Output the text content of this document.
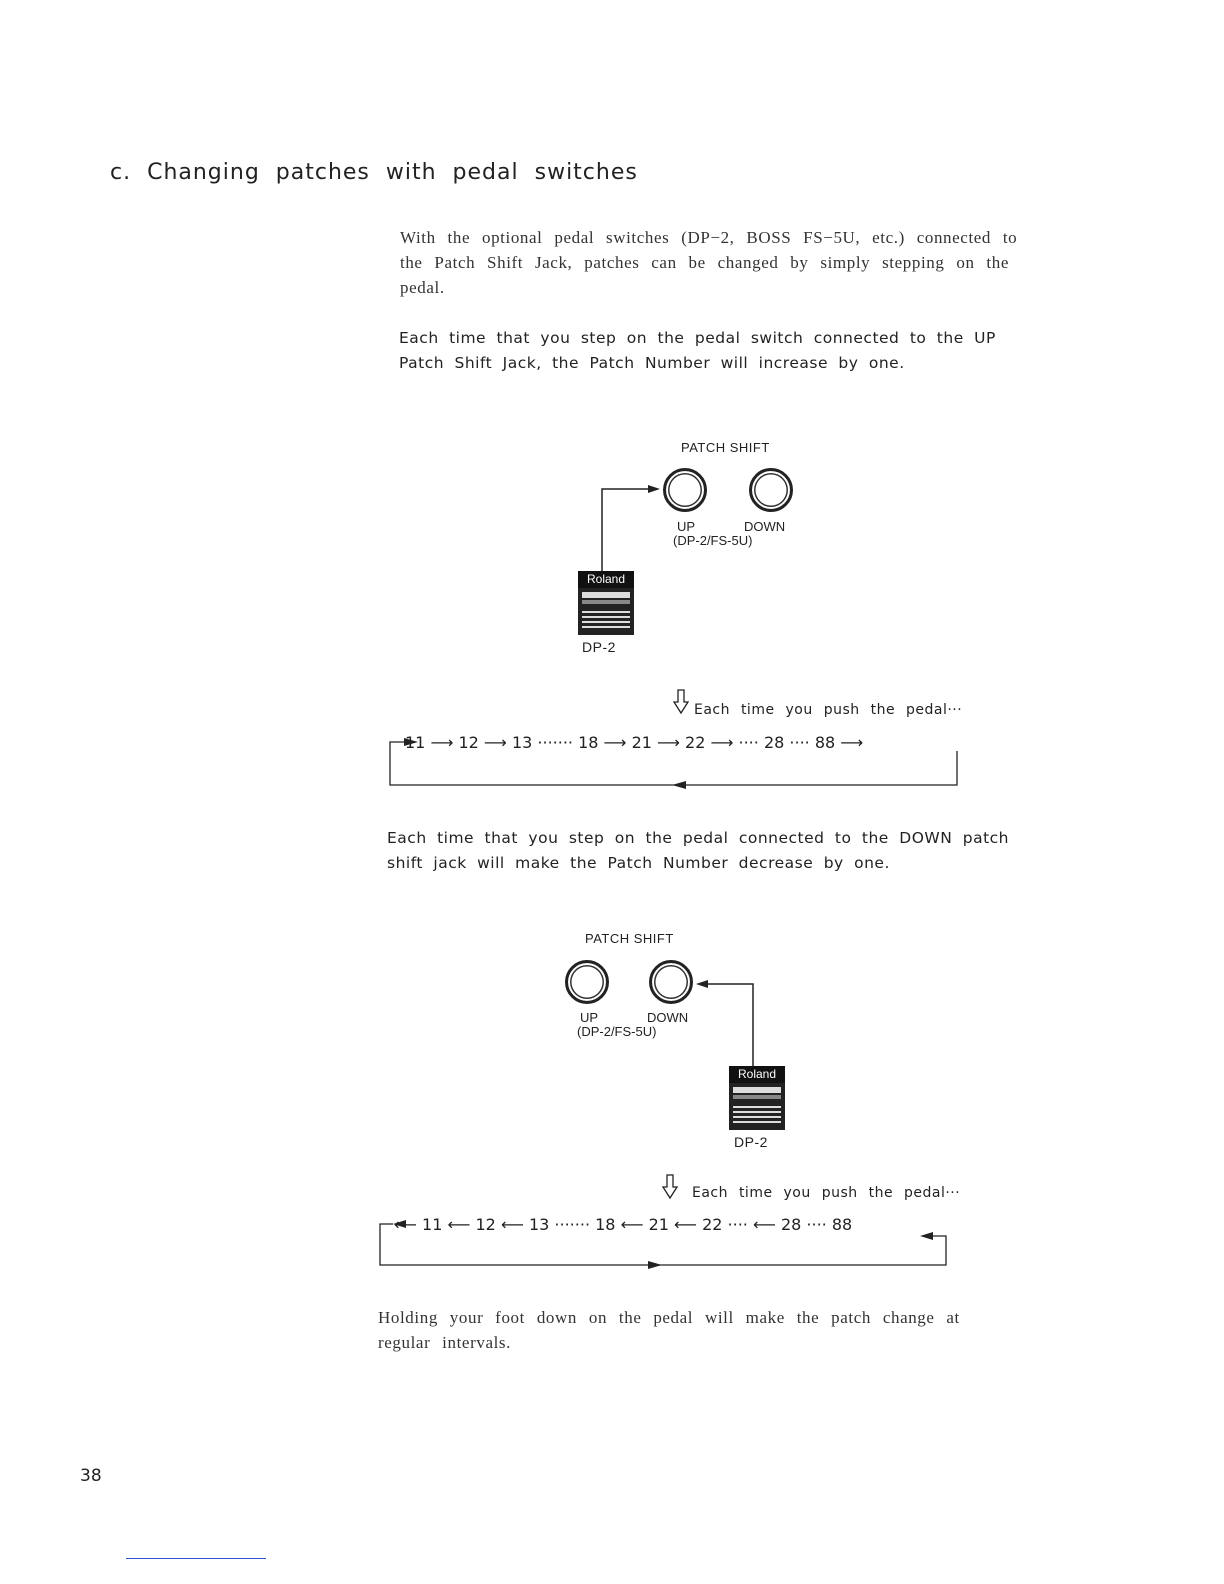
c. Changing patches with pedal switches
With the optional pedal switches (DP−2, BOSS FS−5U, etc.) connected to the Patch Shift Jack, patches can be changed by simply stepping on the pedal.
Each time that you step on the pedal switch connected to the UP Patch Shift Jack, the Patch Number will increase by one.
PATCH SHIFT
UP	DOWN
(DP-2/FS-5U)
Roland
DP-2
Each time you push the pedal···
11 ⟶ 12 ⟶ 13 ······· 18 ⟶ 21 ⟶ 22 ⟶ ···· 28 ···· 88 ⟶
Each time that you step on the pedal connected to the DOWN patch shift jack will make the Patch Number decrease by one.
PATCH SHIFT
UP	DOWN
(DP-2/FS-5U)
Roland
DP-2
Each time you push the pedal···
⟵ 11 ⟵ 12 ⟵ 13 ······· 18 ⟵ 21 ⟵ 22 ···· ⟵ 28 ···· 88
Holding your foot down on the pedal will make the patch change at regular intervals.
38
